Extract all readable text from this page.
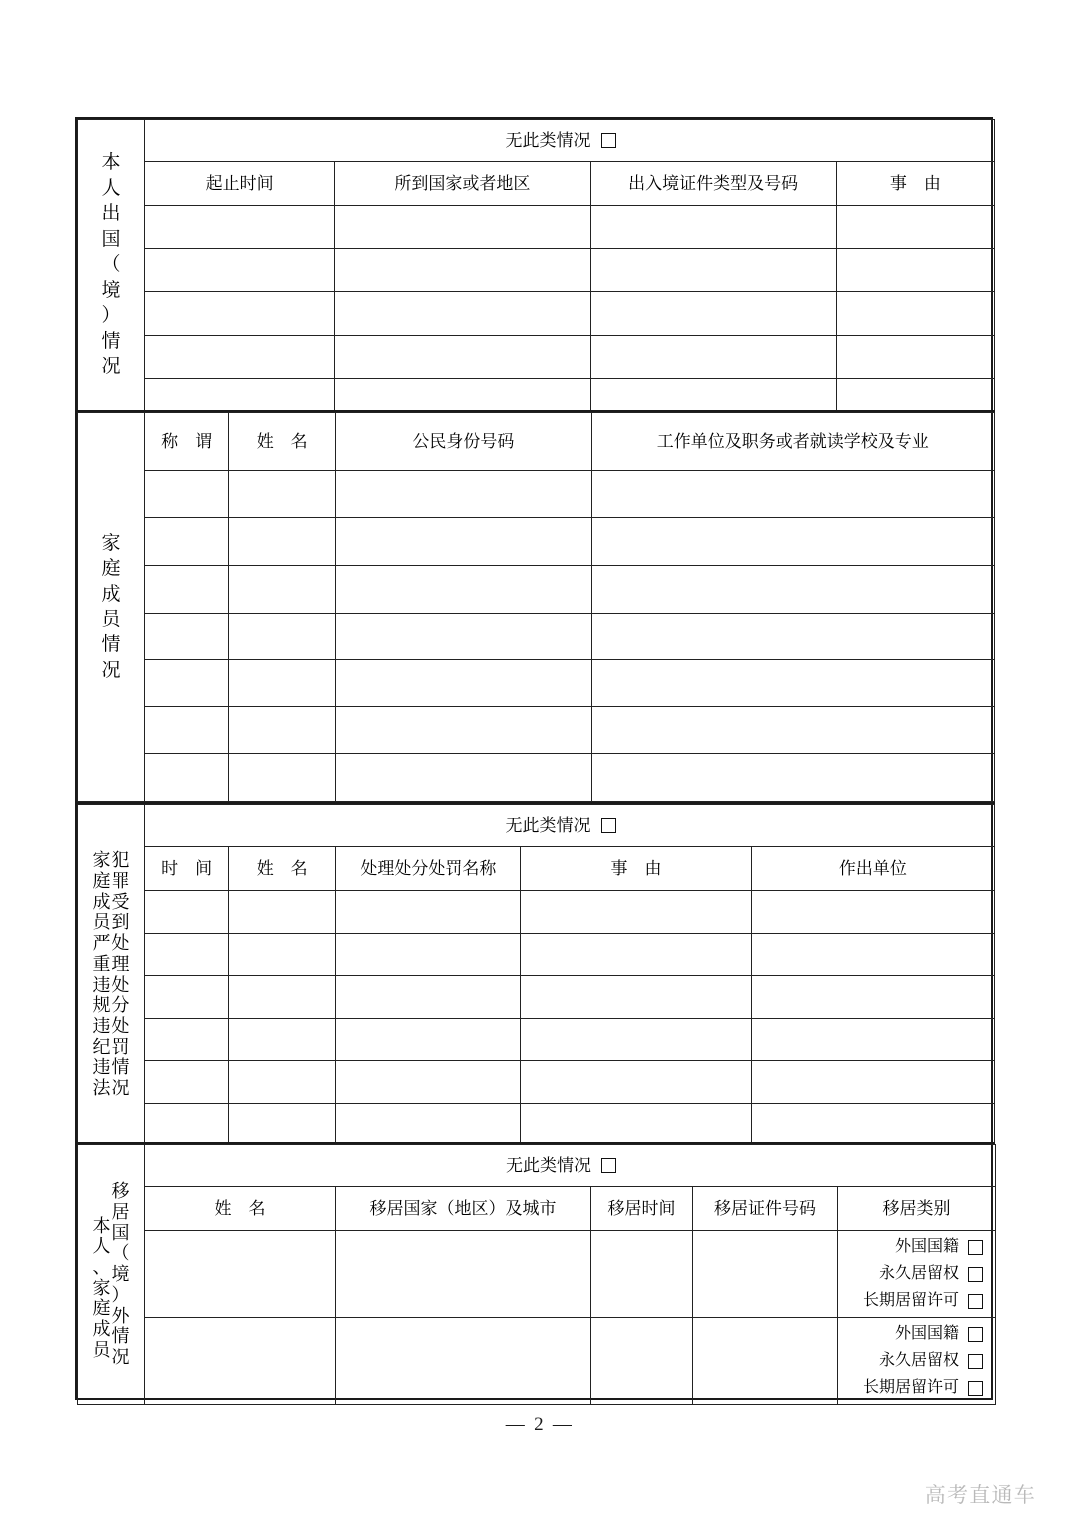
本
人
出
国
（
境
）
情
况

无此类情况

	起止时间	所到国家或者地区	出入境证件类型及号码	事　由

家
庭
成
员
情
况
	称　谓	姓　名	公民身份号码	工作单位及职务或者就读学校及专业

犯
罪
受
到
处
理
处
分
处
罚
情
况
家
庭
成
员
严
重
违
规
违
纪
违
法

无此类情况

	时　间	姓　名	处理处分处罚名称	事　由	作出单位

移
居
国
（
境
）
外
情
况
本
人
、
家
庭
成
员

无此类情况

	姓　名	移居国家（地区）及城市	移居时间	移居证件号码	移居类别

					外国国籍
永久居留权
长期居留许可

					外国国籍
永久居留权
长期居留许可
— 2 —
高考直通车
